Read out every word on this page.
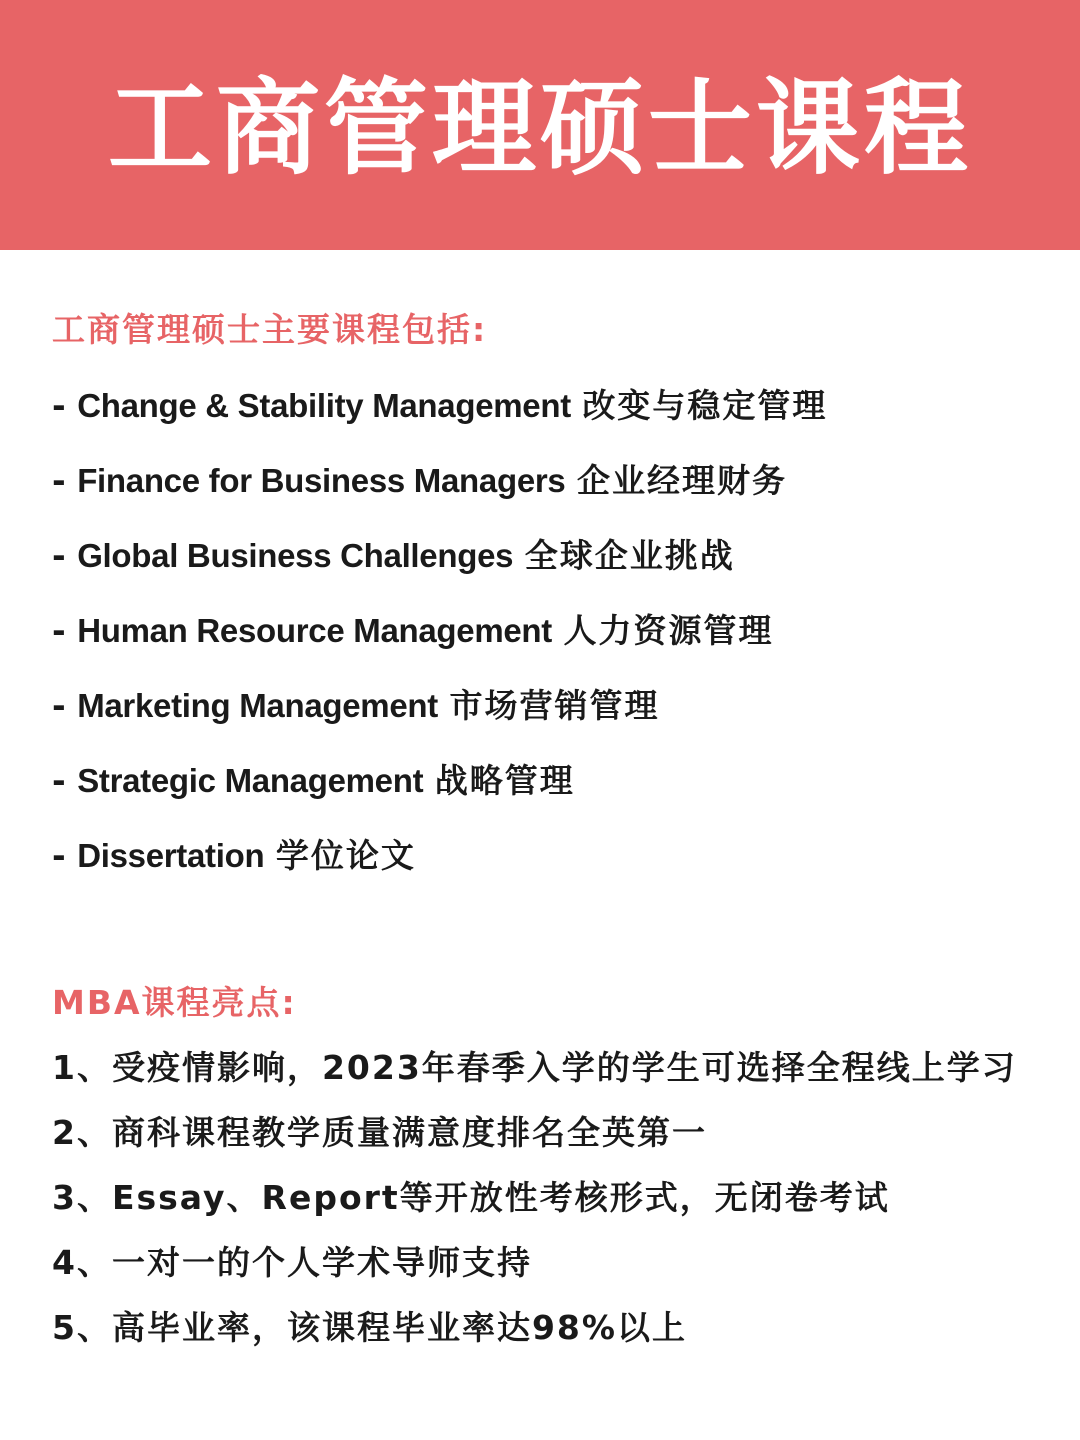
工商管理硕士课程
工商管理硕士主要课程包括:
- Change & Stability Management 改变与稳定管理
- Finance for Business Managers 企业经理财务
- Global Business Challenges 全球企业挑战
- Human Resource Management 人力资源管理
- Marketing Management 市场营销管理
- Strategic Management 战略管理
- Dissertation 学位论文
MBA课程亮点:
1、受疫情影响，2023年春季入学的学生可选择全程线上学习
2、商科课程教学质量满意度排名全英第一
3、Essay、Report等开放性考核形式，无闭卷考试
4、一对一的个人学术导师支持
5、高毕业率，该课程毕业率达98%以上
